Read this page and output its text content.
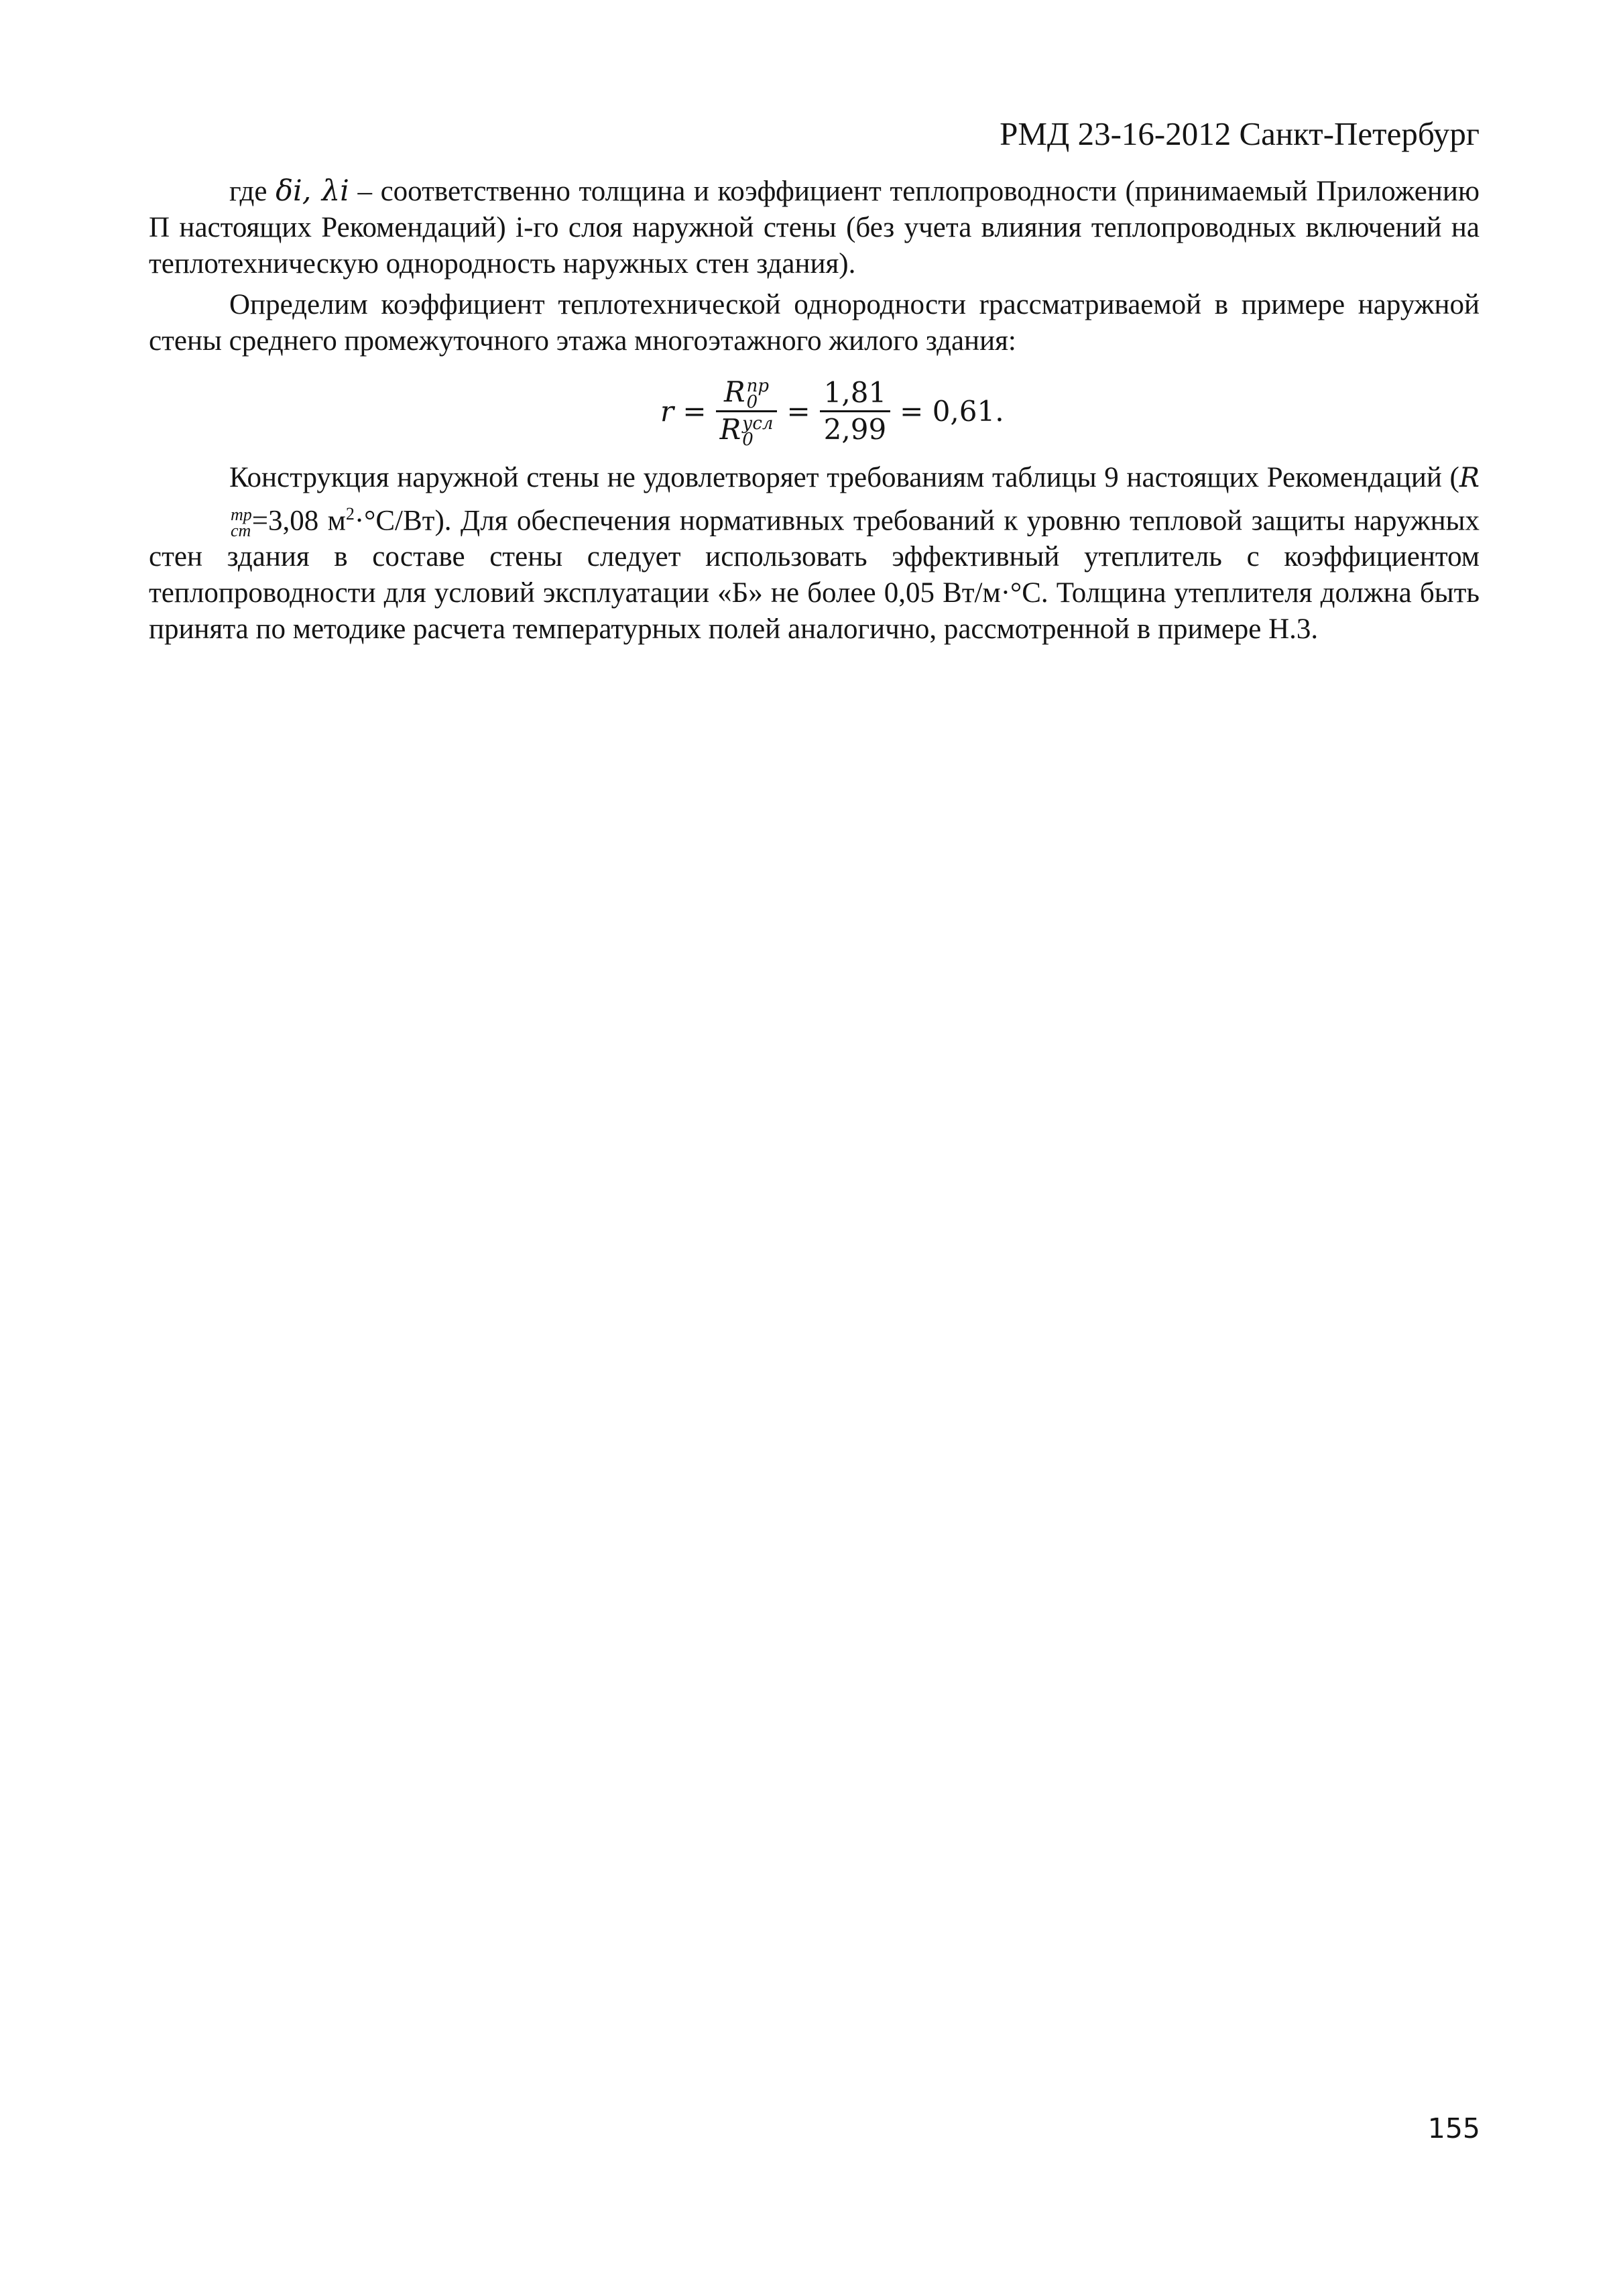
РМД 23-16-2012 Санкт-Петербург

где δi, λi – соответственно толщина и коэффициент теплопроводности (принимаемый Приложению П настоящих Рекомендаций) i-го слоя наружной стены (без учета влияния теплопроводных включений на теплотехническую однородность наружных стен здания).

Определим коэффициент теплотехнической однородности rрассматриваемой в примере наружной стены среднего промежуточного этажа многоэтажного жилого здания:

r = R пр
0
R усл
$0 = \frac{1,81}{2,99} = 0,61$.

Конструкция наружной стены не удовлетворяет требованиям таблицы 9 настоящих Рекомендаций (R
тр
ст =3,08 $м^2\cdot^\circ С/Вт$). Для обеспечения нормативных требований к уровню тепловой защиты наружных стен здания в составе стены следует использовать эффективный утеплитель с коэффициентом теплопроводности для условий эксплуатации «Б» не более 0,05 Вт/м·°С. Толщина утеплителя должна быть принята по методике расчета температурных полей аналогично, рассмотренной в примере Н.3.

155
